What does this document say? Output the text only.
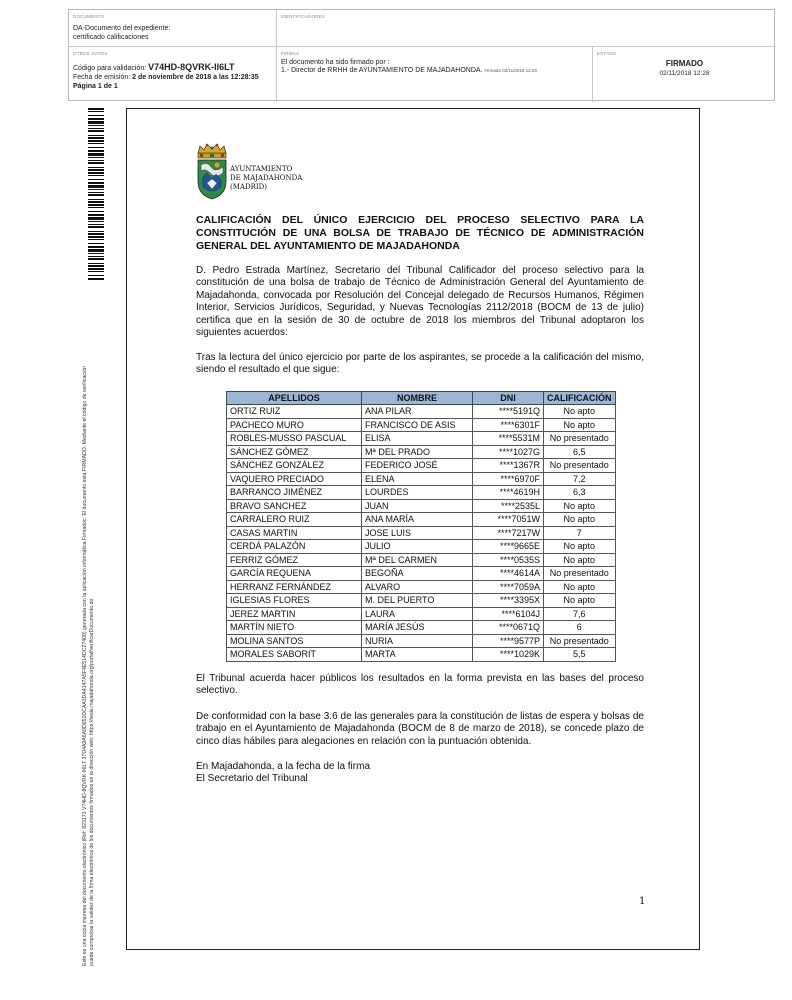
DOCUMENTO
DA-Documento del expediente: certificado calificaciones
IDENTIFICADORES
OTROS DATOS
Código para validación: V74HD-8QVRK-II6LT
Fecha de emisión: 2 de noviembre de 2018 a las 12:28:35
Página 1 de 1
FIRMAS
El documento ha sido firmado por :
1.- Director de RRHH de AYUNTAMIENTO DE MAJADAHONDA. Firmado 02/11/2018 12:28
ESTADO
FIRMADO
02/11/2018 12:28
Este es una copia impresa del documento electrónico (Ref: 823173 V74HD-8QVRK-II6LT 37D4A9A6A9D651DCAA3DA4147A5F4E514DC27409) generada con la aplicación informática Firmadoc. El documento está FIRMADO. Mediante el código de verificación puede comprobar la validez de la firma electrónica de los documentos firmados en la dirección web: https://sede.majadahonda.org/portal/verificarDocumento.do
AYUNTAMIENTO
DE MAJADAHONDA
(MADRID)
CALIFICACIÓN DEL ÚNICO EJERCICIO DEL PROCESO SELECTIVO PARA LA CONSTITUCIÓN DE UNA BOLSA DE TRABAJO DE TÉCNICO DE ADMINISTRACIÓN GENERAL DEL AYUNTAMIENTO DE MAJADAHONDA
D. Pedro Estrada Martínez, Secretario del Tribunal Calificador del proceso selectivo para la constitución de una bolsa de trabajo de Técnico de Administración General del Ayuntamiento de Majadahonda, convocada por Resolución del Concejal delegado de Recursos Humanos, Régimen Interior, Servicios Jurídicos, Seguridad, y Nuevas Tecnologías 2112/2018 (BOCM de 13 de julio) certifica que en la sesión de 30 de octubre de 2018 los miembros del Tribunal adoptaron los siguientes acuerdos:
Tras la lectura del único ejercicio por parte de los aspirantes, se procede a la calificación del mismo, siendo el resultado el que sigue:
APELLIDOS	NOMBRE	DNI	CALIFICACIÓN
ORTIZ RUIZ	ANA PILAR	****5191Q	No apto
PACHECO MURO	FRANCISCO DE ASIS	****6301F	No apto
ROBLES-MUSSO PASCUAL	ELISA	****5531M	No presentado
SÁNCHEZ GÓMEZ	Mª DEL PRADO	****1027G	6,5
SÁNCHEZ GONZÁLEZ	FEDERICO JOSÉ	****1367R	No presentado
VAQUERO PRECIADO	ELENA	****6970F	7,2
BARRANCO JIMÉNEZ	LOURDES	****4619H	6,3
BRAVO SANCHEZ	JUAN	****2535L	No apto
CARRALERO RUIZ	ANA MARÍA	****7051W	No apto
CASAS MARTIN	JOSE LUIS	****7217W	7
CERDÁ PALAZÓN	JULIO	****9665E	No apto
FERRIZ GÓMEZ	Mª DEL CARMEN	****0535S	No apto
GARCÍA REQUENA	BEGOÑA	****4614A	No presentado
HERRANZ FERNÁNDEZ	ALVARO	****7059A	No apto
IGLESIAS FLORES	M. DEL PUERTO	****3395X	No apto
JEREZ MARTIN	LAURA	****6104J	7,6
MARTÍN NIETO	MARÍA JESÚS	****0671Q	6
MOLINA SANTOS	NURIA	****9577P	No presentado
MORALES SABORIT	MARTA	****1029K	5,5
El Tribunal acuerda hacer públicos los resultados en la forma prevista en las bases del proceso selectivo.
De conformidad con la base 3.6 de las generales para la constitución de listas de espera y bolsas de trabajo en el Ayuntamiento de Majadahonda (BOCM de 8 de marzo de 2018), se concede plazo de cinco días hábiles para alegaciones en relación con la puntuación obtenida.
En Majadahonda, a la fecha de la firma
El Secretario del Tribunal
1
